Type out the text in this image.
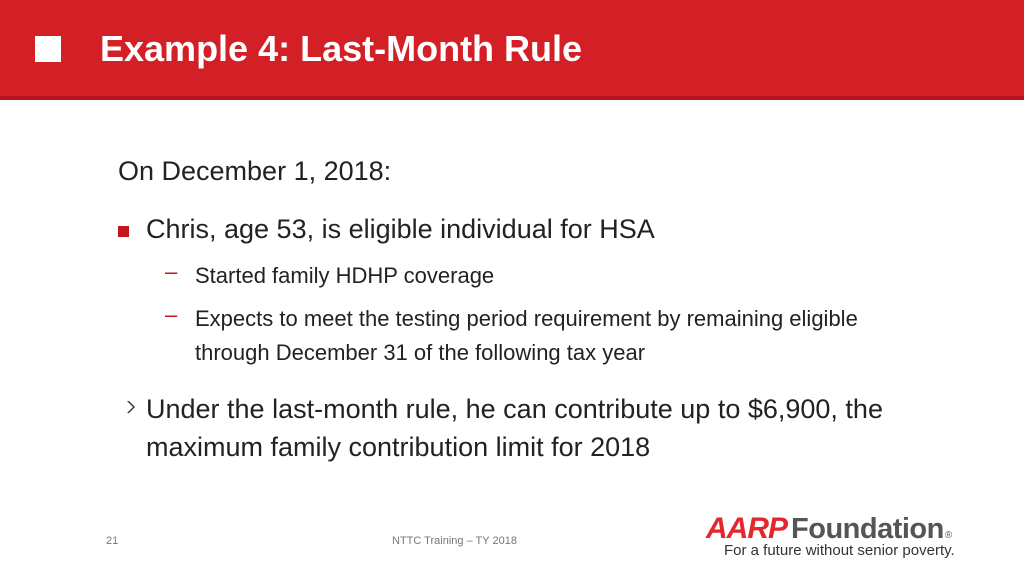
Example 4: Last-Month Rule
On December 1, 2018:
Chris, age 53, is eligible individual for HSA
– Started family HDHP coverage
– Expects to meet the testing period requirement by remaining eligible through December 31 of the following tax year
Under the last-month rule, he can contribute up to $6,900, the maximum family contribution limit for 2018
21	NTTC Training – TY 2018	AARP Foundation ®
For a future without senior poverty.
